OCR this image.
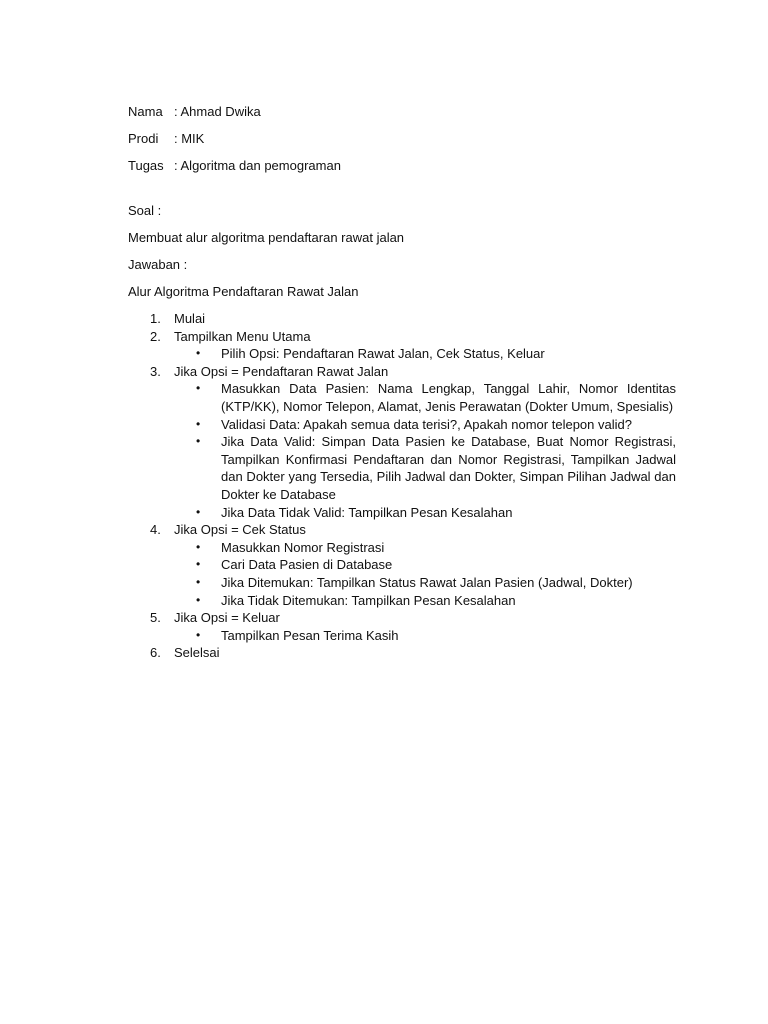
Nama : Ahmad Dwika
Prodi	: MIK
Tugas : Algoritma dan pemograman
Soal :
Membuat alur algoritma pendaftaran rawat jalan
Jawaban :
Alur Algoritma Pendaftaran Rawat Jalan
1. Mulai
2. Tampilkan Menu Utama
• Pilih Opsi: Pendaftaran Rawat Jalan, Cek Status, Keluar
3. Jika Opsi = Pendaftaran Rawat Jalan
• Masukkan Data Pasien: Nama Lengkap, Tanggal Lahir, Nomor Identitas (KTP/KK), Nomor Telepon, Alamat, Jenis Perawatan (Dokter Umum, Spesialis)
• Validasi Data: Apakah semua data terisi?, Apakah nomor telepon valid?
• Jika Data Valid: Simpan Data Pasien ke Database, Buat Nomor Registrasi, Tampilkan Konfirmasi Pendaftaran dan Nomor Registrasi, Tampilkan Jadwal dan Dokter yang Tersedia, Pilih Jadwal dan Dokter, Simpan Pilihan Jadwal dan Dokter ke Database
• Jika Data Tidak Valid: Tampilkan Pesan Kesalahan
4. Jika Opsi = Cek Status
• Masukkan Nomor Registrasi
• Cari Data Pasien di Database
• Jika Ditemukan: Tampilkan Status Rawat Jalan Pasien (Jadwal, Dokter)
• Jika Tidak Ditemukan: Tampilkan Pesan Kesalahan
5. Jika Opsi = Keluar
• Tampilkan Pesan Terima Kasih
6. Selelsai
